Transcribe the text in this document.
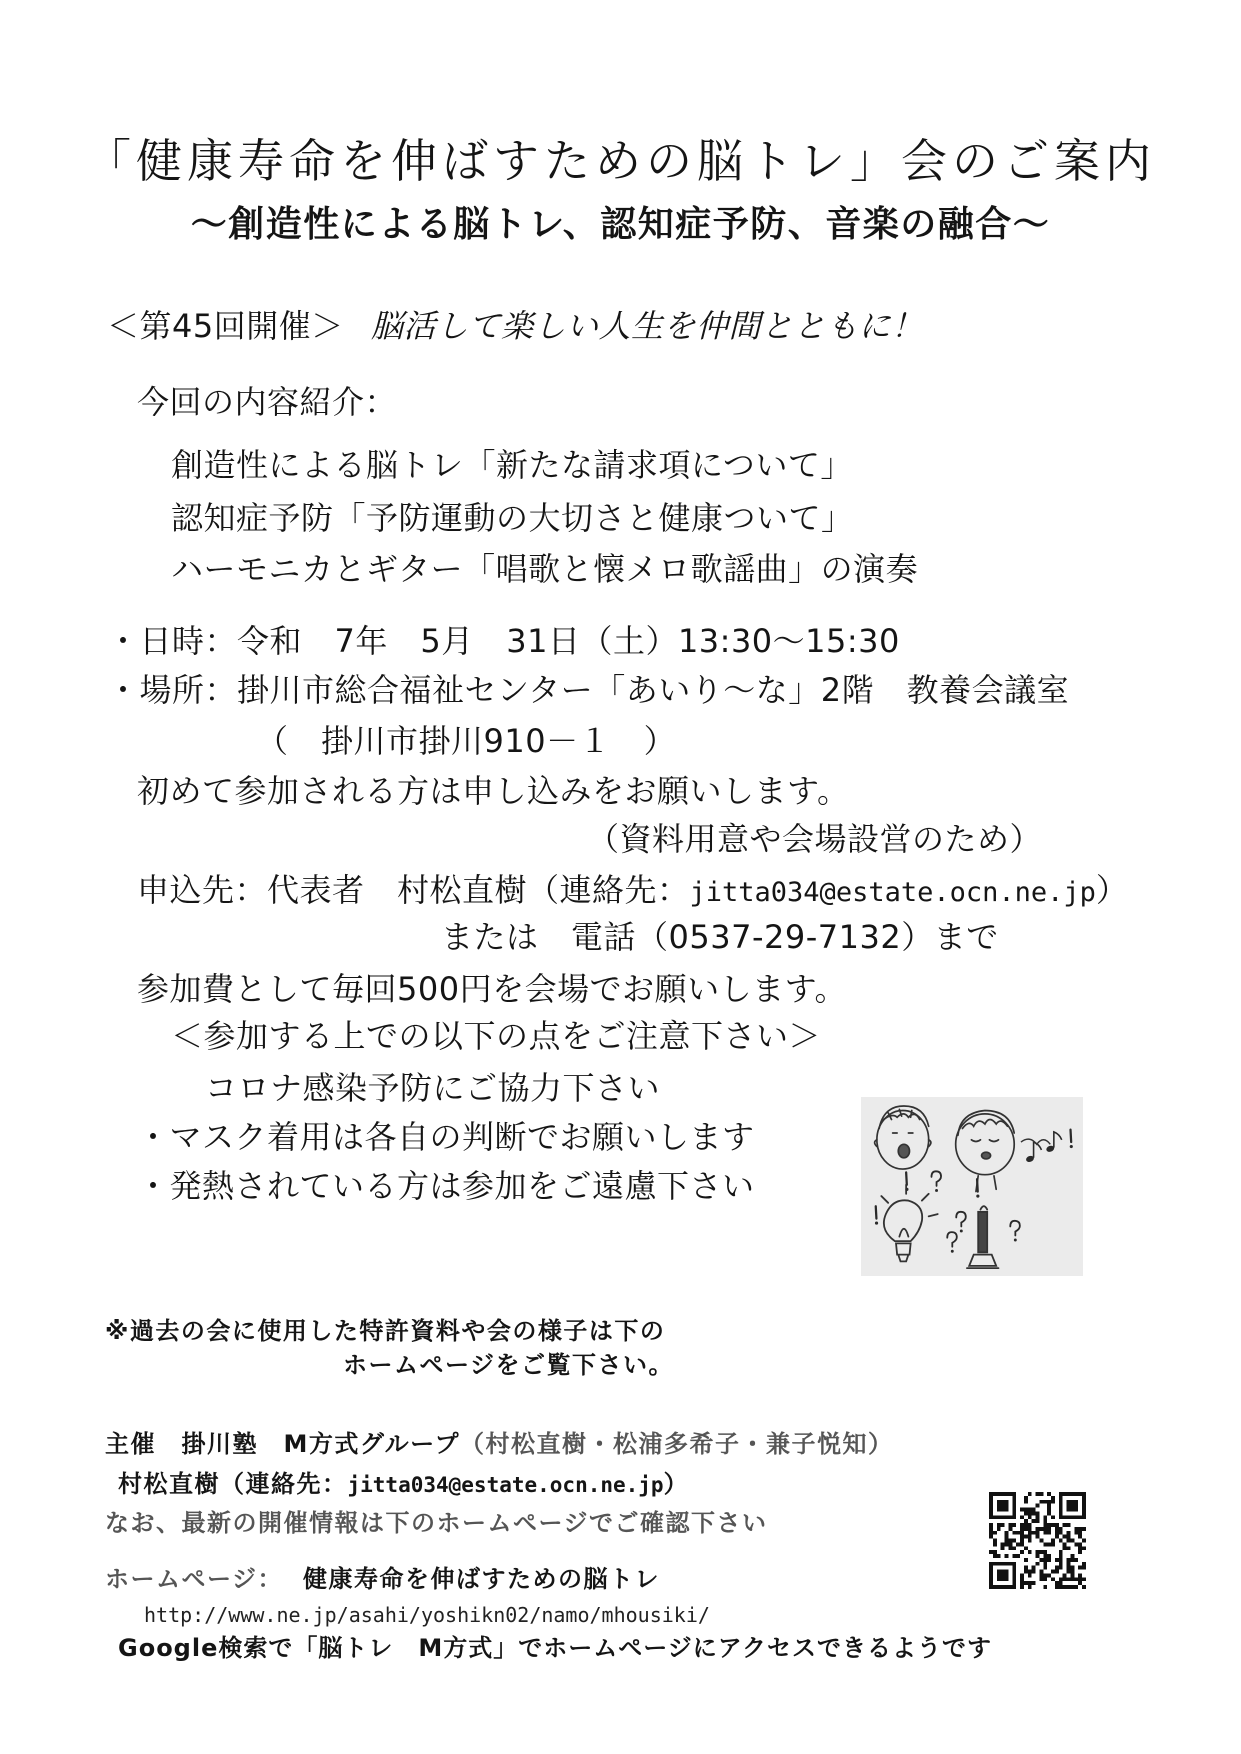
「健康寿命を伸ばすための脳トレ」会のご案内
〜創造性による脳トレ、認知症予防、音楽の融合〜
＜第45回開催＞ 脳活して楽しい人生を仲間とともに！
今回の内容紹介：
創造性による脳トレ「新たな請求項について」
認知症予防「予防運動の大切さと健康ついて」
ハーモニカとギター「唱歌と懐メロ歌謡曲」の演奏
・日時：令和　7年　5月　31日（土）13:30〜15:30
・場所：掛川市総合福祉センター「あいり〜な」2階　教養会議室
（　掛川市掛川910－１　）
初めて参加される方は申し込みをお願いします。
（資料用意や会場設営のため）
申込先：代表者　村松直樹（連絡先：jitta034@estate.ocn.ne.jp）
または　電話（0537-29-7132）まで
参加費として毎回500円を会場でお願いします。
＜参加する上での以下の点をご注意下さい＞
コロナ感染予防にご協力下さい
・マスク着用は各自の判断でお願いします
・発熱されている方は参加をご遠慮下さい
※過去の会に使用した特許資料や会の様子は下の
ホームページをご覧下さい。
主催　掛川塾　M方式グループ（村松直樹・松浦多希子・兼子悦知）
村松直樹（連絡先：jitta034@estate.ocn.ne.jp）
なお、最新の開催情報は下のホームページでご確認下さい
ホームページ： 健康寿命を伸ばすための脳トレ
http://www.ne.jp/asahi/yoshikn02/namo/mhousiki/
Google検索で「脳トレ　M方式」でホームページにアクセスできるようです
